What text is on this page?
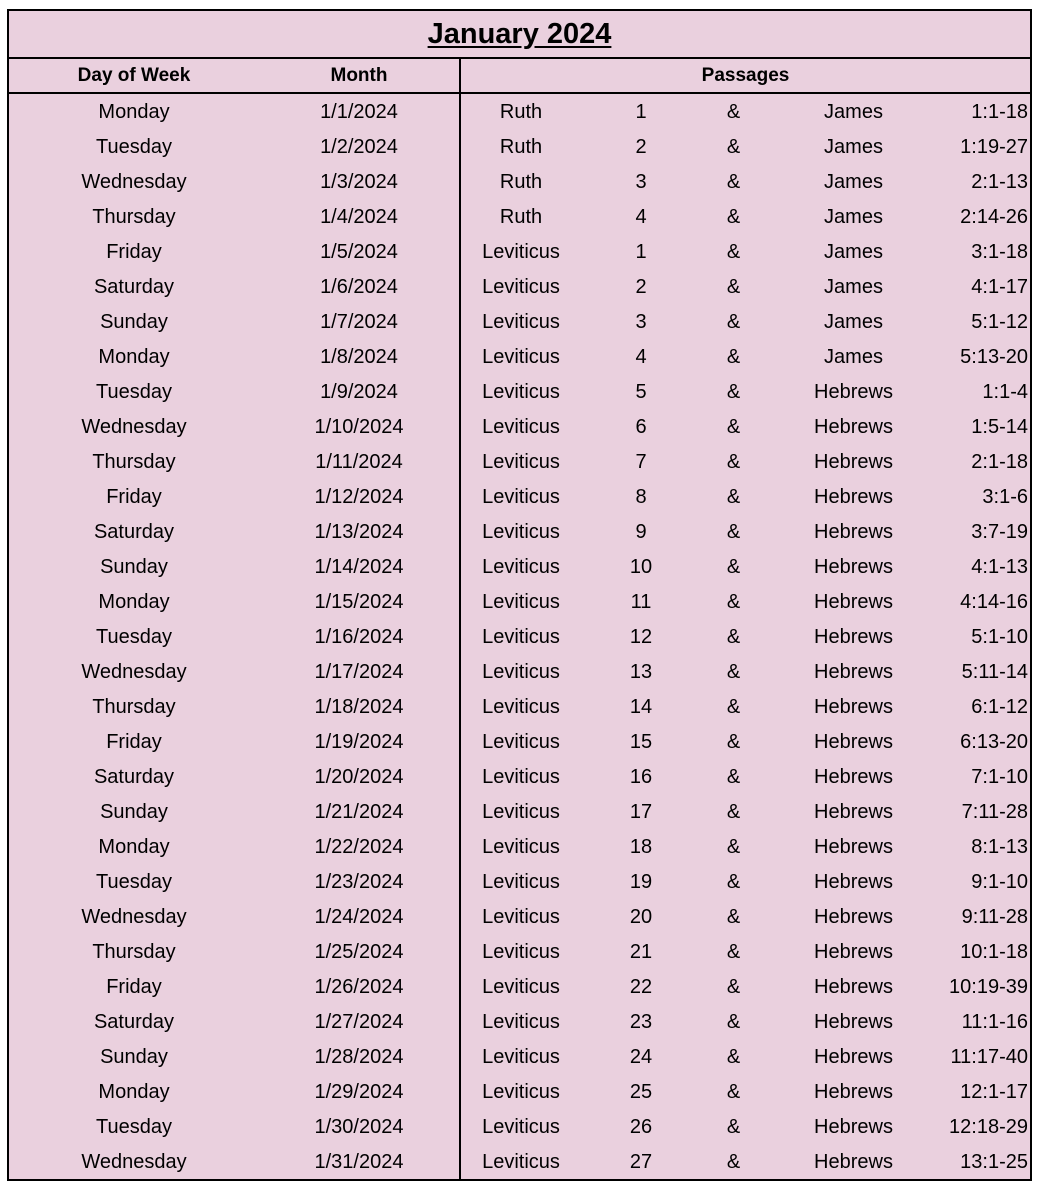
January 2024
Day of Week	Month	Passages
Monday	1/1/2024	Ruth	1	&	James	1:1-18
Tuesday	1/2/2024	Ruth	2	&	James	1:19-27
Wednesday	1/3/2024	Ruth	3	&	James	2:1-13
Thursday	1/4/2024	Ruth	4	&	James	2:14-26
Friday	1/5/2024	Leviticus	1	&	James	3:1-18
Saturday	1/6/2024	Leviticus	2	&	James	4:1-17
Sunday	1/7/2024	Leviticus	3	&	James	5:1-12
Monday	1/8/2024	Leviticus	4	&	James	5:13-20
Tuesday	1/9/2024	Leviticus	5	&	Hebrews	1:1-4
Wednesday	1/10/2024	Leviticus	6	&	Hebrews	1:5-14
Thursday	1/11/2024	Leviticus	7	&	Hebrews	2:1-18
Friday	1/12/2024	Leviticus	8	&	Hebrews	3:1-6
Saturday	1/13/2024	Leviticus	9	&	Hebrews	3:7-19
Sunday	1/14/2024	Leviticus	10	&	Hebrews	4:1-13
Monday	1/15/2024	Leviticus	11	&	Hebrews	4:14-16
Tuesday	1/16/2024	Leviticus	12	&	Hebrews	5:1-10
Wednesday	1/17/2024	Leviticus	13	&	Hebrews	5:11-14
Thursday	1/18/2024	Leviticus	14	&	Hebrews	6:1-12
Friday	1/19/2024	Leviticus	15	&	Hebrews	6:13-20
Saturday	1/20/2024	Leviticus	16	&	Hebrews	7:1-10
Sunday	1/21/2024	Leviticus	17	&	Hebrews	7:11-28
Monday	1/22/2024	Leviticus	18	&	Hebrews	8:1-13
Tuesday	1/23/2024	Leviticus	19	&	Hebrews	9:1-10
Wednesday	1/24/2024	Leviticus	20	&	Hebrews	9:11-28
Thursday	1/25/2024	Leviticus	21	&	Hebrews	10:1-18
Friday	1/26/2024	Leviticus	22	&	Hebrews	10:19-39
Saturday	1/27/2024	Leviticus	23	&	Hebrews	11:1-16
Sunday	1/28/2024	Leviticus	24	&	Hebrews	11:17-40
Monday	1/29/2024	Leviticus	25	&	Hebrews	12:1-17
Tuesday	1/30/2024	Leviticus	26	&	Hebrews	12:18-29
Wednesday	1/31/2024	Leviticus	27	&	Hebrews	13:1-25
